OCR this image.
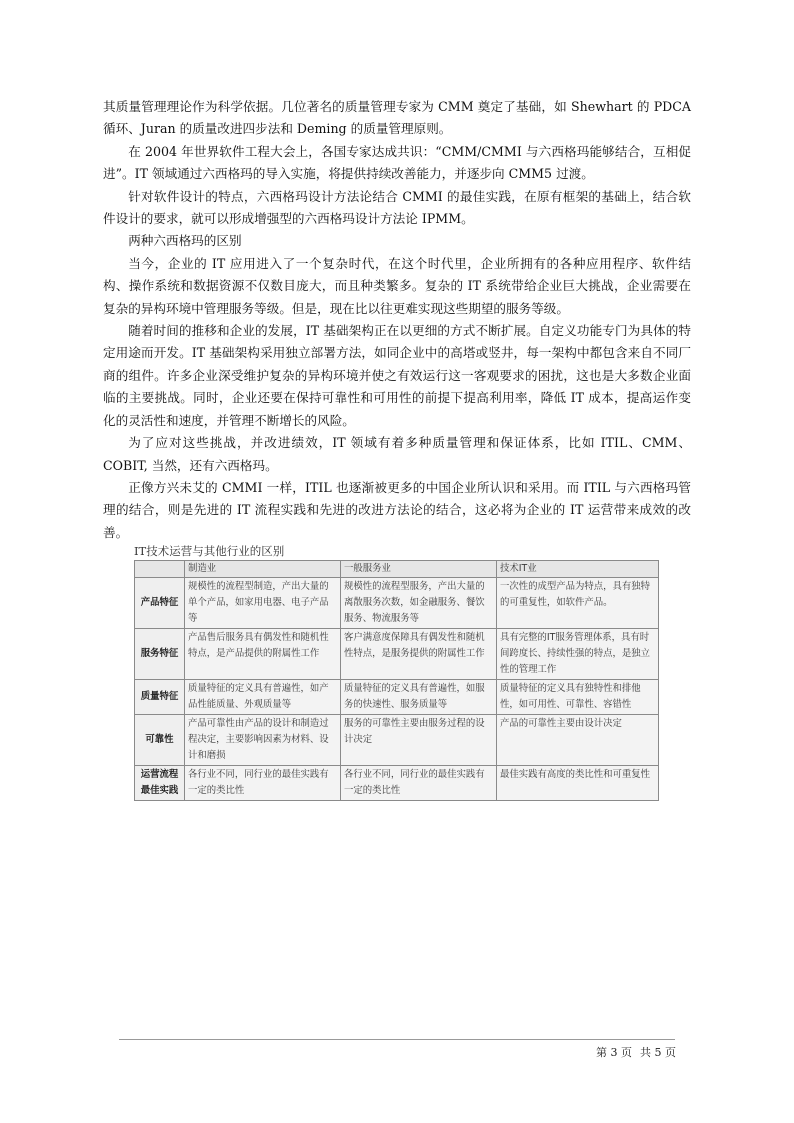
其质量管理理论作为科学依据。几位著名的质量管理专家为 CMM 奠定了基础，如 Shewhart 的 PDCA 循环、Juran 的质量改进四步法和 Deming 的质量管理原则。

在 2004 年世界软件工程大会上，各国专家达成共识：“CMM/CMMI 与六西格玛能够结合，互相促进”。IT 领域通过六西格玛的导入实施，将提供持续改善能力，并逐步向 CMM5 过渡。

针对软件设计的特点，六西格玛设计方法论结合 CMMI 的最佳实践，在原有框架的基础上，结合软件设计的要求，就可以形成增强型的六西格玛设计方法论 IPMM。

两种六西格玛的区别

当今，企业的 IT 应用进入了一个复杂时代，在这个时代里，企业所拥有的各种应用程序、软件结构、操作系统和数据资源不仅数目庞大，而且种类繁多。复杂的 IT 系统带给企业巨大挑战，企业需要在复杂的异构环境中管理服务等级。但是，现在比以往更难实现这些期望的服务等级。

随着时间的推移和企业的发展，IT 基础架构正在以更细的方式不断扩展。自定义功能专门为具体的特定用途而开发。IT 基础架构采用独立部署方法，如同企业中的高塔或竖井，每一架构中都包含来自不同厂商的组件。许多企业深受维护复杂的异构环境并使之有效运行这一客观要求的困扰，这也是大多数企业面临的主要挑战。同时，企业还要在保持可靠性和可用性的前提下提高利用率，降低 IT 成本，提高运作变化的灵活性和速度，并管理不断增长的风险。

为了应对这些挑战，并改进绩效，IT 领域有着多种质量管理和保证体系，比如 ITIL、CMM、COBIT, 当然，还有六西格玛。

正像方兴未艾的 CMMI 一样，ITIL 也逐渐被更多的中国企业所认识和采用。而 ITIL 与六西格玛管理的结合，则是先进的 IT 流程实践和先进的改进方法论的结合，这必将为企业的 IT 运营带来成效的改善。

IT技术运营与其他行业的区别
	制造业	一般服务业	技术IT业
产品特征	规模性的流程型制造，产出大量的单个产品，如家用电器、电子产品等	规模性的流程型服务，产出大量的离散服务次数，如金融服务、餐饮服务、物流服务等	一次性的成型产品为特点，具有独特的可重复性，如软件产品。
服务特征	产品售后服务具有偶发性和随机性特点，是产品提供的附属性工作	客户满意度保障具有偶发性和随机性特点，是服务提供的附属性工作	具有完整的IT服务管理体系，具有时间跨度长、持续性强的特点，是独立性的管理工作
质量特征	质量特征的定义具有普遍性，如产品性能质量、外观质量等	质量特征的定义具有普遍性，如服务的快速性、服务质量等	质量特征的定义具有独特性和排他性，如可用性、可靠性、容错性
可靠性	产品可靠性由产品的设计和制造过程决定，主要影响因素为材料、设计和磨损	服务的可靠性主要由服务过程的设计决定	产品的可靠性主要由设计决定
运营流程最佳实践	各行业不同，同行业的最佳实践有一定的类比性	各行业不同，同行业的最佳实践有一定的类比性	最佳实践有高度的类比性和可重复性
第 3 页 共 5 页
